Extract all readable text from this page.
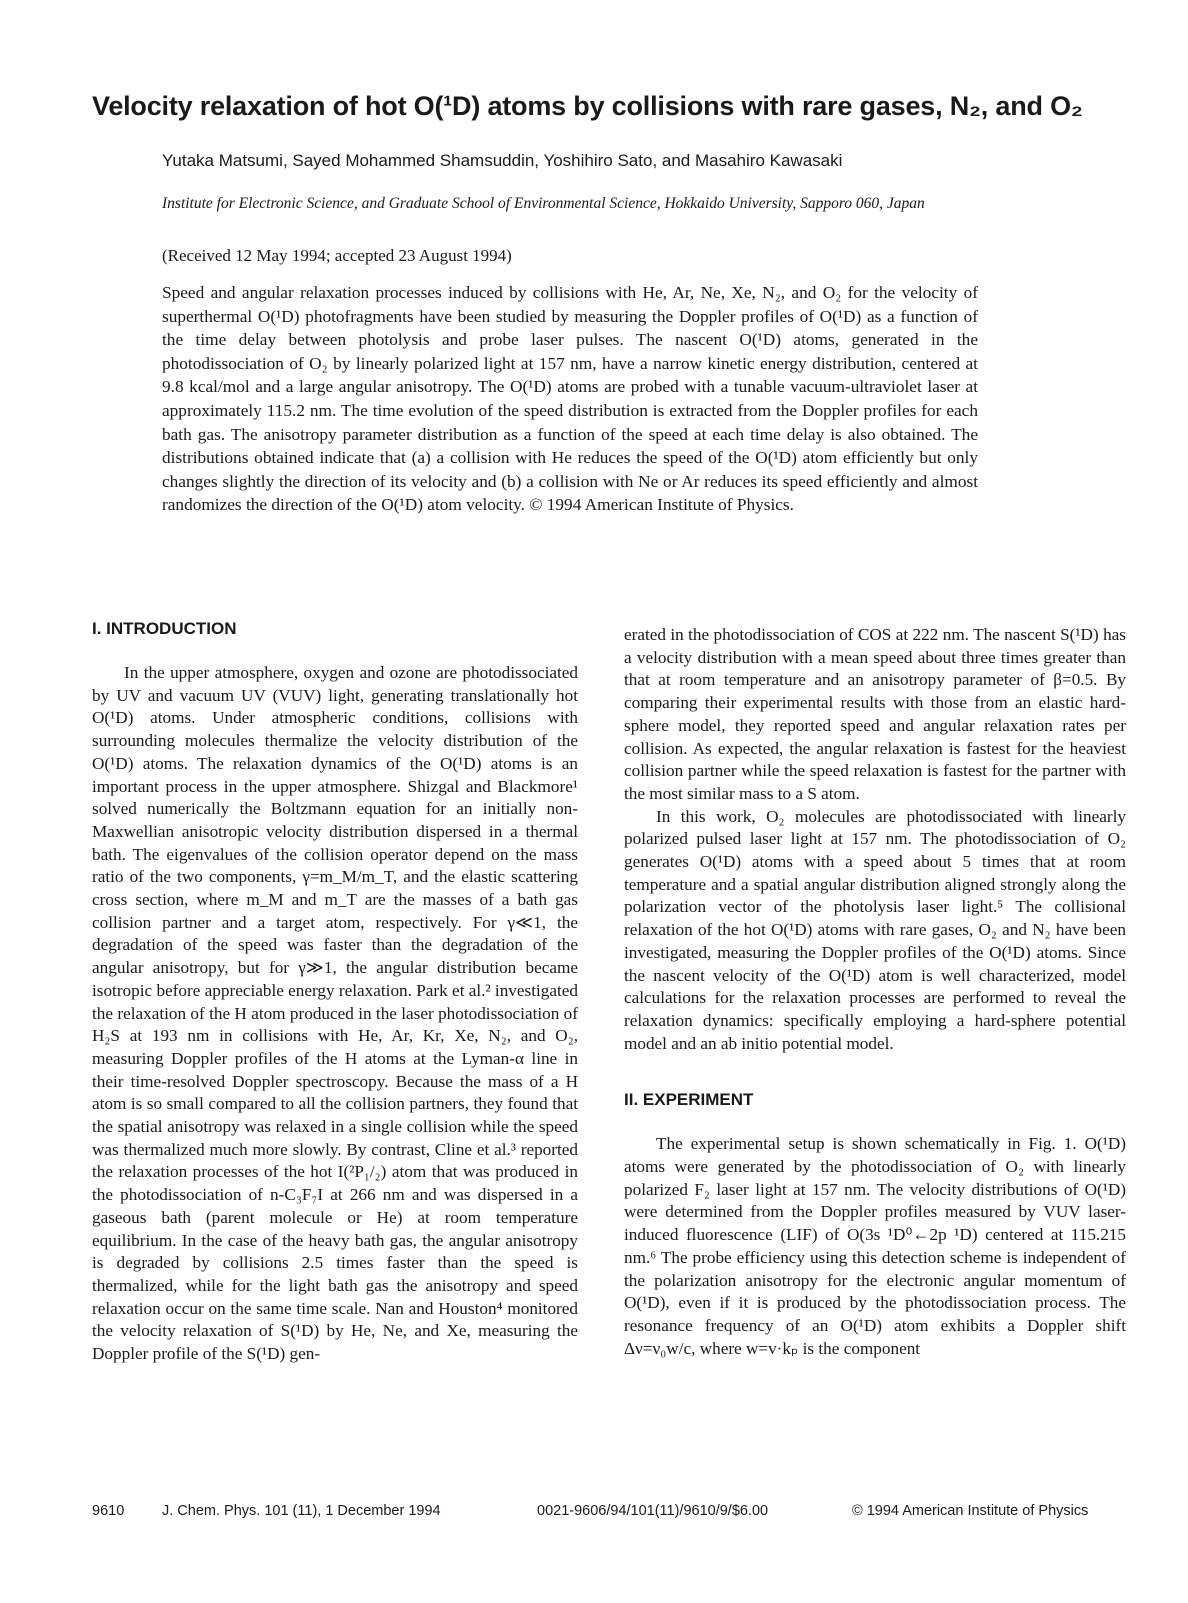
Velocity relaxation of hot O(¹D) atoms by collisions with rare gases, N₂, and O₂
Yutaka Matsumi, Sayed Mohammed Shamsuddin, Yoshihiro Sato, and Masahiro Kawasaki
Institute for Electronic Science, and Graduate School of Environmental Science, Hokkaido University, Sapporo 060, Japan
(Received 12 May 1994; accepted 23 August 1994)
Speed and angular relaxation processes induced by collisions with He, Ar, Ne, Xe, N₂, and O₂ for the velocity of superthermal O(¹D) photofragments have been studied by measuring the Doppler profiles of O(¹D) as a function of the time delay between photolysis and probe laser pulses. The nascent O(¹D) atoms, generated in the photodissociation of O₂ by linearly polarized light at 157 nm, have a narrow kinetic energy distribution, centered at 9.8 kcal/mol and a large angular anisotropy. The O(¹D) atoms are probed with a tunable vacuum-ultraviolet laser at approximately 115.2 nm. The time evolution of the speed distribution is extracted from the Doppler profiles for each bath gas. The anisotropy parameter distribution as a function of the speed at each time delay is also obtained. The distributions obtained indicate that (a) a collision with He reduces the speed of the O(¹D) atom efficiently but only changes slightly the direction of its velocity and (b) a collision with Ne or Ar reduces its speed efficiently and almost randomizes the direction of the O(¹D) atom velocity. © 1994 American Institute of Physics.
I. INTRODUCTION

In the upper atmosphere, oxygen and ozone are photodissociated by UV and vacuum UV (VUV) light, generating translationally hot O(¹D) atoms. Under atmospheric conditions, collisions with surrounding molecules thermalize the velocity distribution of the O(¹D) atoms. The relaxation dynamics of the O(¹D) atoms is an important process in the upper atmosphere. Shizgal and Blackmore¹ solved numerically the Boltzmann equation for an initially non-Maxwellian anisotropic velocity distribution dispersed in a thermal bath. The eigenvalues of the collision operator depend on the mass ratio of the two components, γ=m_M/m_T, and the elastic scattering cross section, where m_M and m_T are the masses of a bath gas collision partner and a target atom, respectively. For γ≪1, the degradation of the speed was faster than the degradation of the angular anisotropy, but for γ≫1, the angular distribution became isotropic before appreciable energy relaxation. Park et al.² investigated the relaxation of the H atom produced in the laser photodissociation of H₂S at 193 nm in collisions with He, Ar, Kr, Xe, N₂, and O₂, measuring Doppler profiles of the H atoms at the Lyman-α line in their time-resolved Doppler spectroscopy. Because the mass of a H atom is so small compared to all the collision partners, they found that the spatial anisotropy was relaxed in a single collision while the speed was thermalized much more slowly. By contrast, Cline et al.³ reported the relaxation processes of the hot I(²P₁/₂) atom that was produced in the photodissociation of n-C₃F₇I at 266 nm and was dispersed in a gaseous bath (parent molecule or He) at room temperature equilibrium. In the case of the heavy bath gas, the angular anisotropy is degraded by collisions 2.5 times faster than the speed is thermalized, while for the light bath gas the anisotropy and speed relaxation occur on the same time scale. Nan and Houston⁴ monitored the velocity relaxation of S(¹D) by He, Ne, and Xe, measuring the Doppler profile of the S(¹D) gen-

erated in the photodissociation of COS at 222 nm. The nascent S(¹D) has a velocity distribution with a mean speed about three times greater than that at room temperature and an anisotropy parameter of β=0.5. By comparing their experimental results with those from an elastic hard-sphere model, they reported speed and angular relaxation rates per collision. As expected, the angular relaxation is fastest for the heaviest collision partner while the speed relaxation is fastest for the partner with the most similar mass to a S atom.

In this work, O₂ molecules are photodissociated with linearly polarized pulsed laser light at 157 nm. The photodissociation of O₂ generates O(¹D) atoms with a speed about 5 times that at room temperature and a spatial angular distribution aligned strongly along the polarization vector of the photolysis laser light.⁵ The collisional relaxation of the hot O(¹D) atoms with rare gases, O₂ and N₂ have been investigated, measuring the Doppler profiles of the O(¹D) atoms. Since the nascent velocity of the O(¹D) atom is well characterized, model calculations for the relaxation processes are performed to reveal the relaxation dynamics: specifically employing a hard-sphere potential model and an ab initio potential model.

II. EXPERIMENT

The experimental setup is shown schematically in Fig. 1. O(¹D) atoms were generated by the photodissociation of O₂ with linearly polarized F₂ laser light at 157 nm. The velocity distributions of O(¹D) were determined from the Doppler profiles measured by VUV laser-induced fluorescence (LIF) of O(3s ¹D⁰←2p ¹D) centered at 115.215 nm.⁶ The probe efficiency using this detection scheme is independent of the polarization anisotropy for the electronic angular momentum of O(¹D), even if it is produced by the photodissociation process. The resonance frequency of an O(¹D) atom exhibits a Doppler shift Δν=ν₀w/c, where w=v·kₚ is the component

9610	J. Chem. Phys. 101 (11), 1 December 1994	0021-9606/94/101(11)/9610/9/$6.00	© 1994 American Institute of Physics
